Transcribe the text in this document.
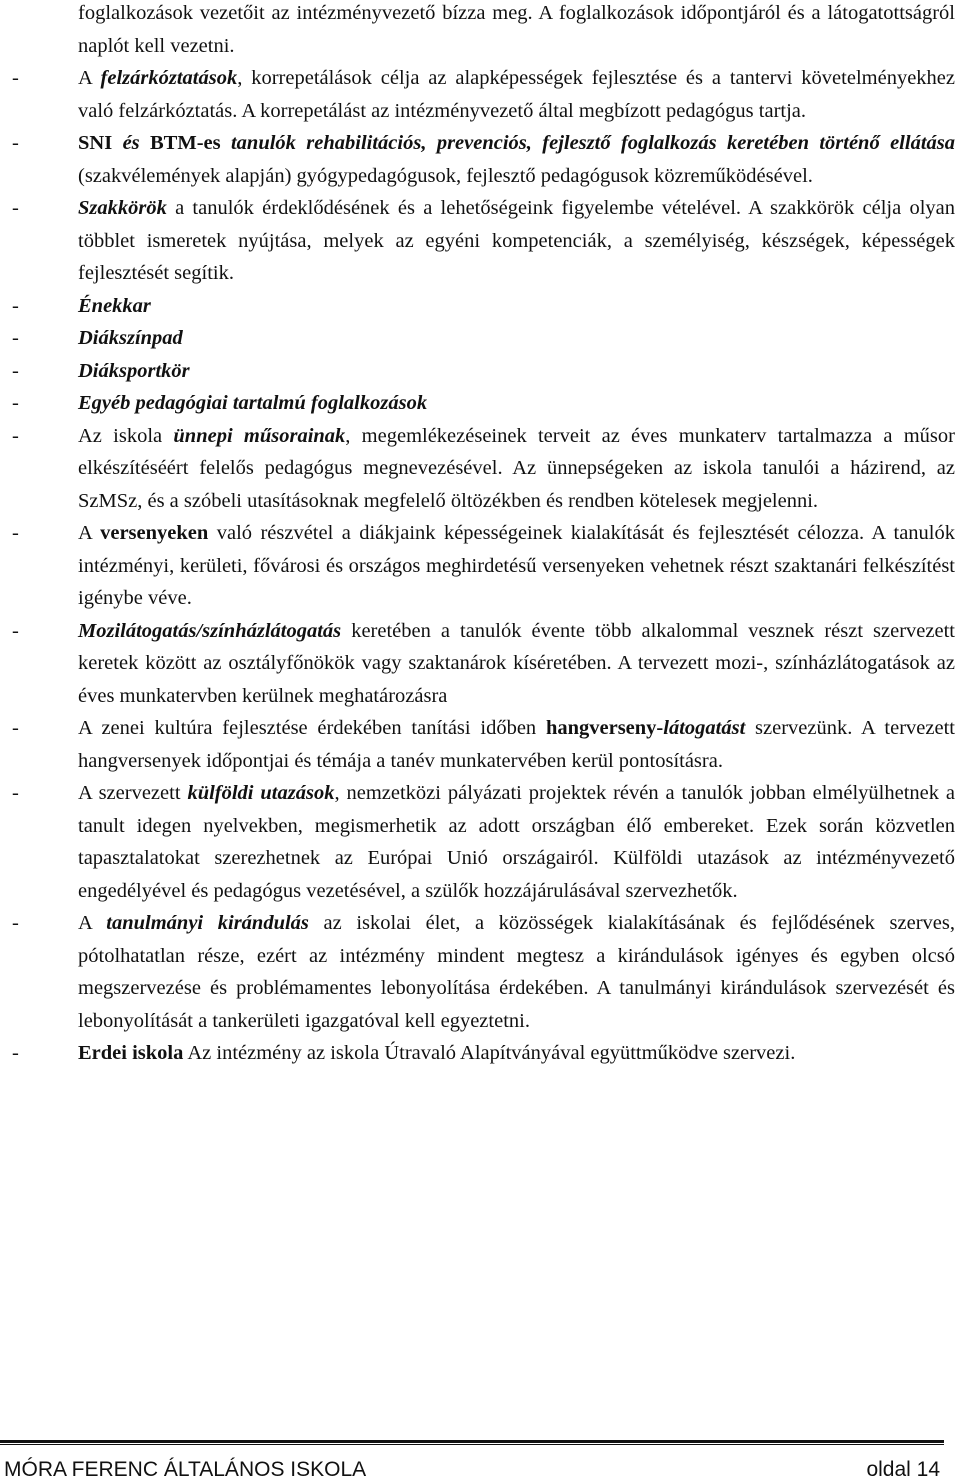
foglalkozások vezetőit az intézményvezető bízza meg. A foglalkozások időpontjáról és a látogatottságról naplót kell vezetni.

-	A felzárkóztatások, korrepetálások célja az alapképességek fejlesztése és a tantervi követelményekhez való felzárkóztatás. A korrepetálást az intézményvezető által megbízott pedagógus tartja.

-	SNI és BTM-es tanulók rehabilitációs, prevenciós, fejlesztő foglalkozás keretében történő ellátása (szakvélemények alapján) gyógypedagógusok, fejlesztő pedagógusok közreműködésével.

-	Szakkörök a tanulók érdeklődésének és a lehetőségeink figyelembe vételével. A szakkörök célja olyan többlet ismeretek nyújtása, melyek az egyéni kompetenciák, a személyiség, készségek, képességek fejlesztését segítik.

-	Énekkar

-	Diákszínpad

-	Diáksportkör

-	Egyéb pedagógiai tartalmú foglalkozások

-	Az iskola ünnepi műsorainak, megemlékezéseinek terveit az éves munkaterv tartalmazza a műsor elkészítéséért felelős pedagógus megnevezésével. Az ünnepségeken az iskola tanulói a házirend, az SzMSz, és a szóbeli utasításoknak megfelelő öltözékben és rendben kötelesek megjelenni.

-	A versenyeken való részvétel a diákjaink képességeinek kialakítását és fejlesztését célozza. A tanulók intézményi, kerületi, fővárosi és országos meghirdetésű versenyeken vehetnek részt szaktanári felkészítést igénybe véve.

-	Mozilátogatás/színházlátogatás keretében a tanulók évente több alkalommal vesznek részt szervezett keretek között az osztályfőnökök vagy szaktanárok kíséretében. A tervezett mozi-, színházlátogatások az éves munkatervben kerülnek meghatározásra

-	A zenei kultúra fejlesztése érdekében tanítási időben hangverseny-látogatást szervezünk. A tervezett hangversenyek időpontjai és témája a tanév munkatervében kerül pontosításra.

-	A szervezett külföldi utazások, nemzetközi pályázati projektek révén a tanulók jobban elmélyülhetnek a tanult idegen nyelvekben, megismerhetik az adott országban élő embereket. Ezek során közvetlen tapasztalatokat szerezhetnek az Európai Unió országairól. Külföldi utazások az intézményvezető engedélyével és pedagógus vezetésével, a szülők hozzájárulásával szervezhetők.

-	A tanulmányi kirándulás az iskolai élet, a közösségek kialakításának és fejlődésének szerves, pótolhatatlan része, ezért az intézmény mindent megtesz a kirándulások igényes és egyben olcsó megszervezése és problémamentes lebonyolítása érdekében. A tanulmányi kirándulások szervezését és lebonyolítását a tankerületi igazgatóval kell egyeztetni.

-	Erdei iskola Az intézmény az iskola Útravaló Alapítványával együttműködve szervezi.

MÓRA FERENC ÁLTALÁNOS ISKOLA	oldal 14
